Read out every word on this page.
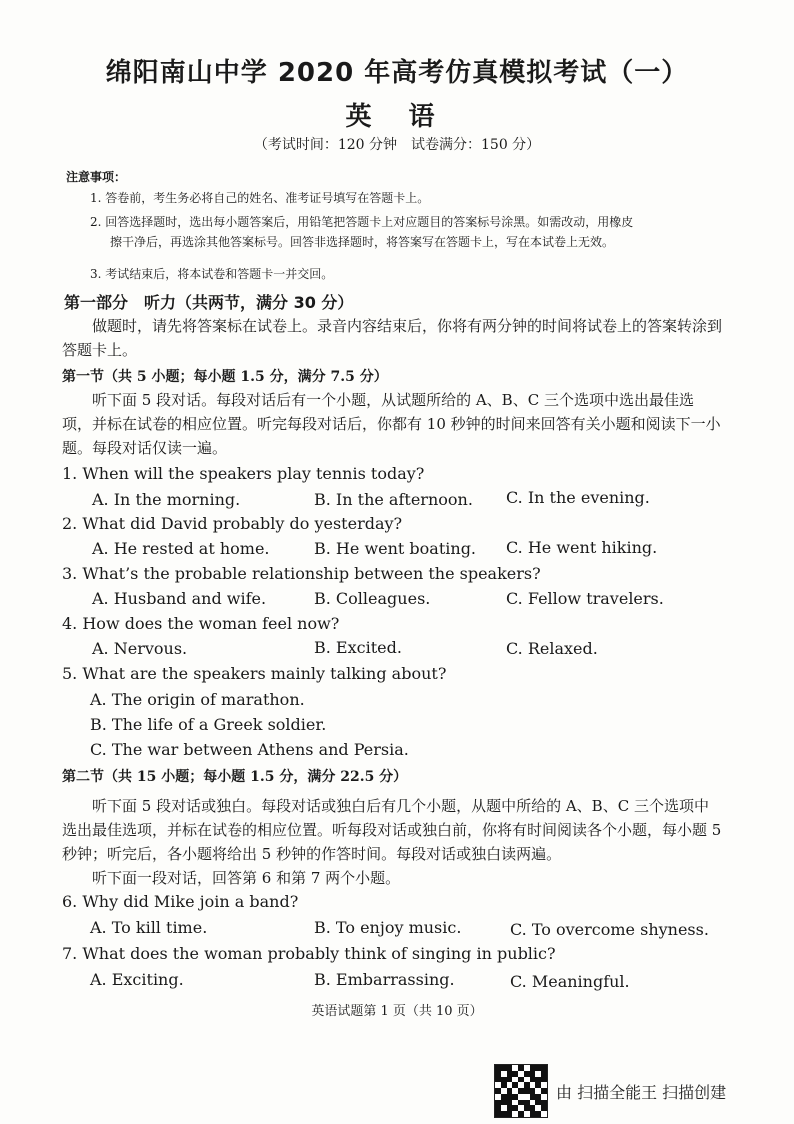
绵阳南山中学 2020 年高考仿真模拟考试（一）
英 语
（考试时间：120 分钟　试卷满分：150 分）
注意事项：
1. 答卷前，考生务必将自己的姓名、准考证号填写在答题卡上。
2. 回答选择题时，选出每小题答案后，用铅笔把答题卡上对应题目的答案标号涂黑。如需改动，用橡皮
擦干净后，再选涂其他答案标号。回答非选择题时，将答案写在答题卡上，写在本试卷上无效。
3. 考试结束后，将本试卷和答题卡一并交回。
第一部分　听力（共两节，满分 30 分）
做题时，请先将答案标在试卷上。录音内容结束后，你将有两分钟的时间将试卷上的答案转涂到答题卡上。
第一节（共 5 小题；每小题 1.5 分，满分 7.5 分）
听下面 5 段对话。每段对话后有一个小题，从试题所给的 A、B、C 三个选项中选出最佳选项，并标在试卷的相应位置。听完每段对话后，你都有 10 秒钟的时间来回答有关小题和阅读下一小题。每段对话仅读一遍。
1. When will the speakers play tennis today?
A. In the morning.	B. In the afternoon. C. In the evening.
2. What did David probably do yesterday?
A. He rested at home.	B. He went boating. C. He went hiking.
3. What’s the probable relationship between the speakers?
A. Husband and wife.	B. Colleagues.	C. Fellow travelers.
4. How does the woman feel now?
A. Nervous.	B. Excited.	C. Relaxed.
5. What are the speakers mainly talking about?
A. The origin of marathon.
B. The life of a Greek soldier.
C. The war between Athens and Persia.
第二节（共 15 小题；每小题 1.5 分，满分 22.5 分）
听下面 5 段对话或独白。每段对话或独白后有几个小题，从题中所给的 A、B、C 三个选项中选出最佳选项，并标在试卷的相应位置。听每段对话或独白前，你将有时间阅读各个小题，每小题 5 秒钟；听完后，各小题将给出 5 秒钟的作答时间。每段对话或独白读两遍。
听下面一段对话，回答第 6 和第 7 两个小题。
6. Why did Mike join a band?
A. To kill time.	B. To enjoy music.	C. To overcome shyness.
7. What does the woman probably think of singing in public?
A. Exciting.	B. Embarrassing.	C. Meaningful.
英语试题第 1 页（共 10 页）
由 扫描全能王 扫描创建
